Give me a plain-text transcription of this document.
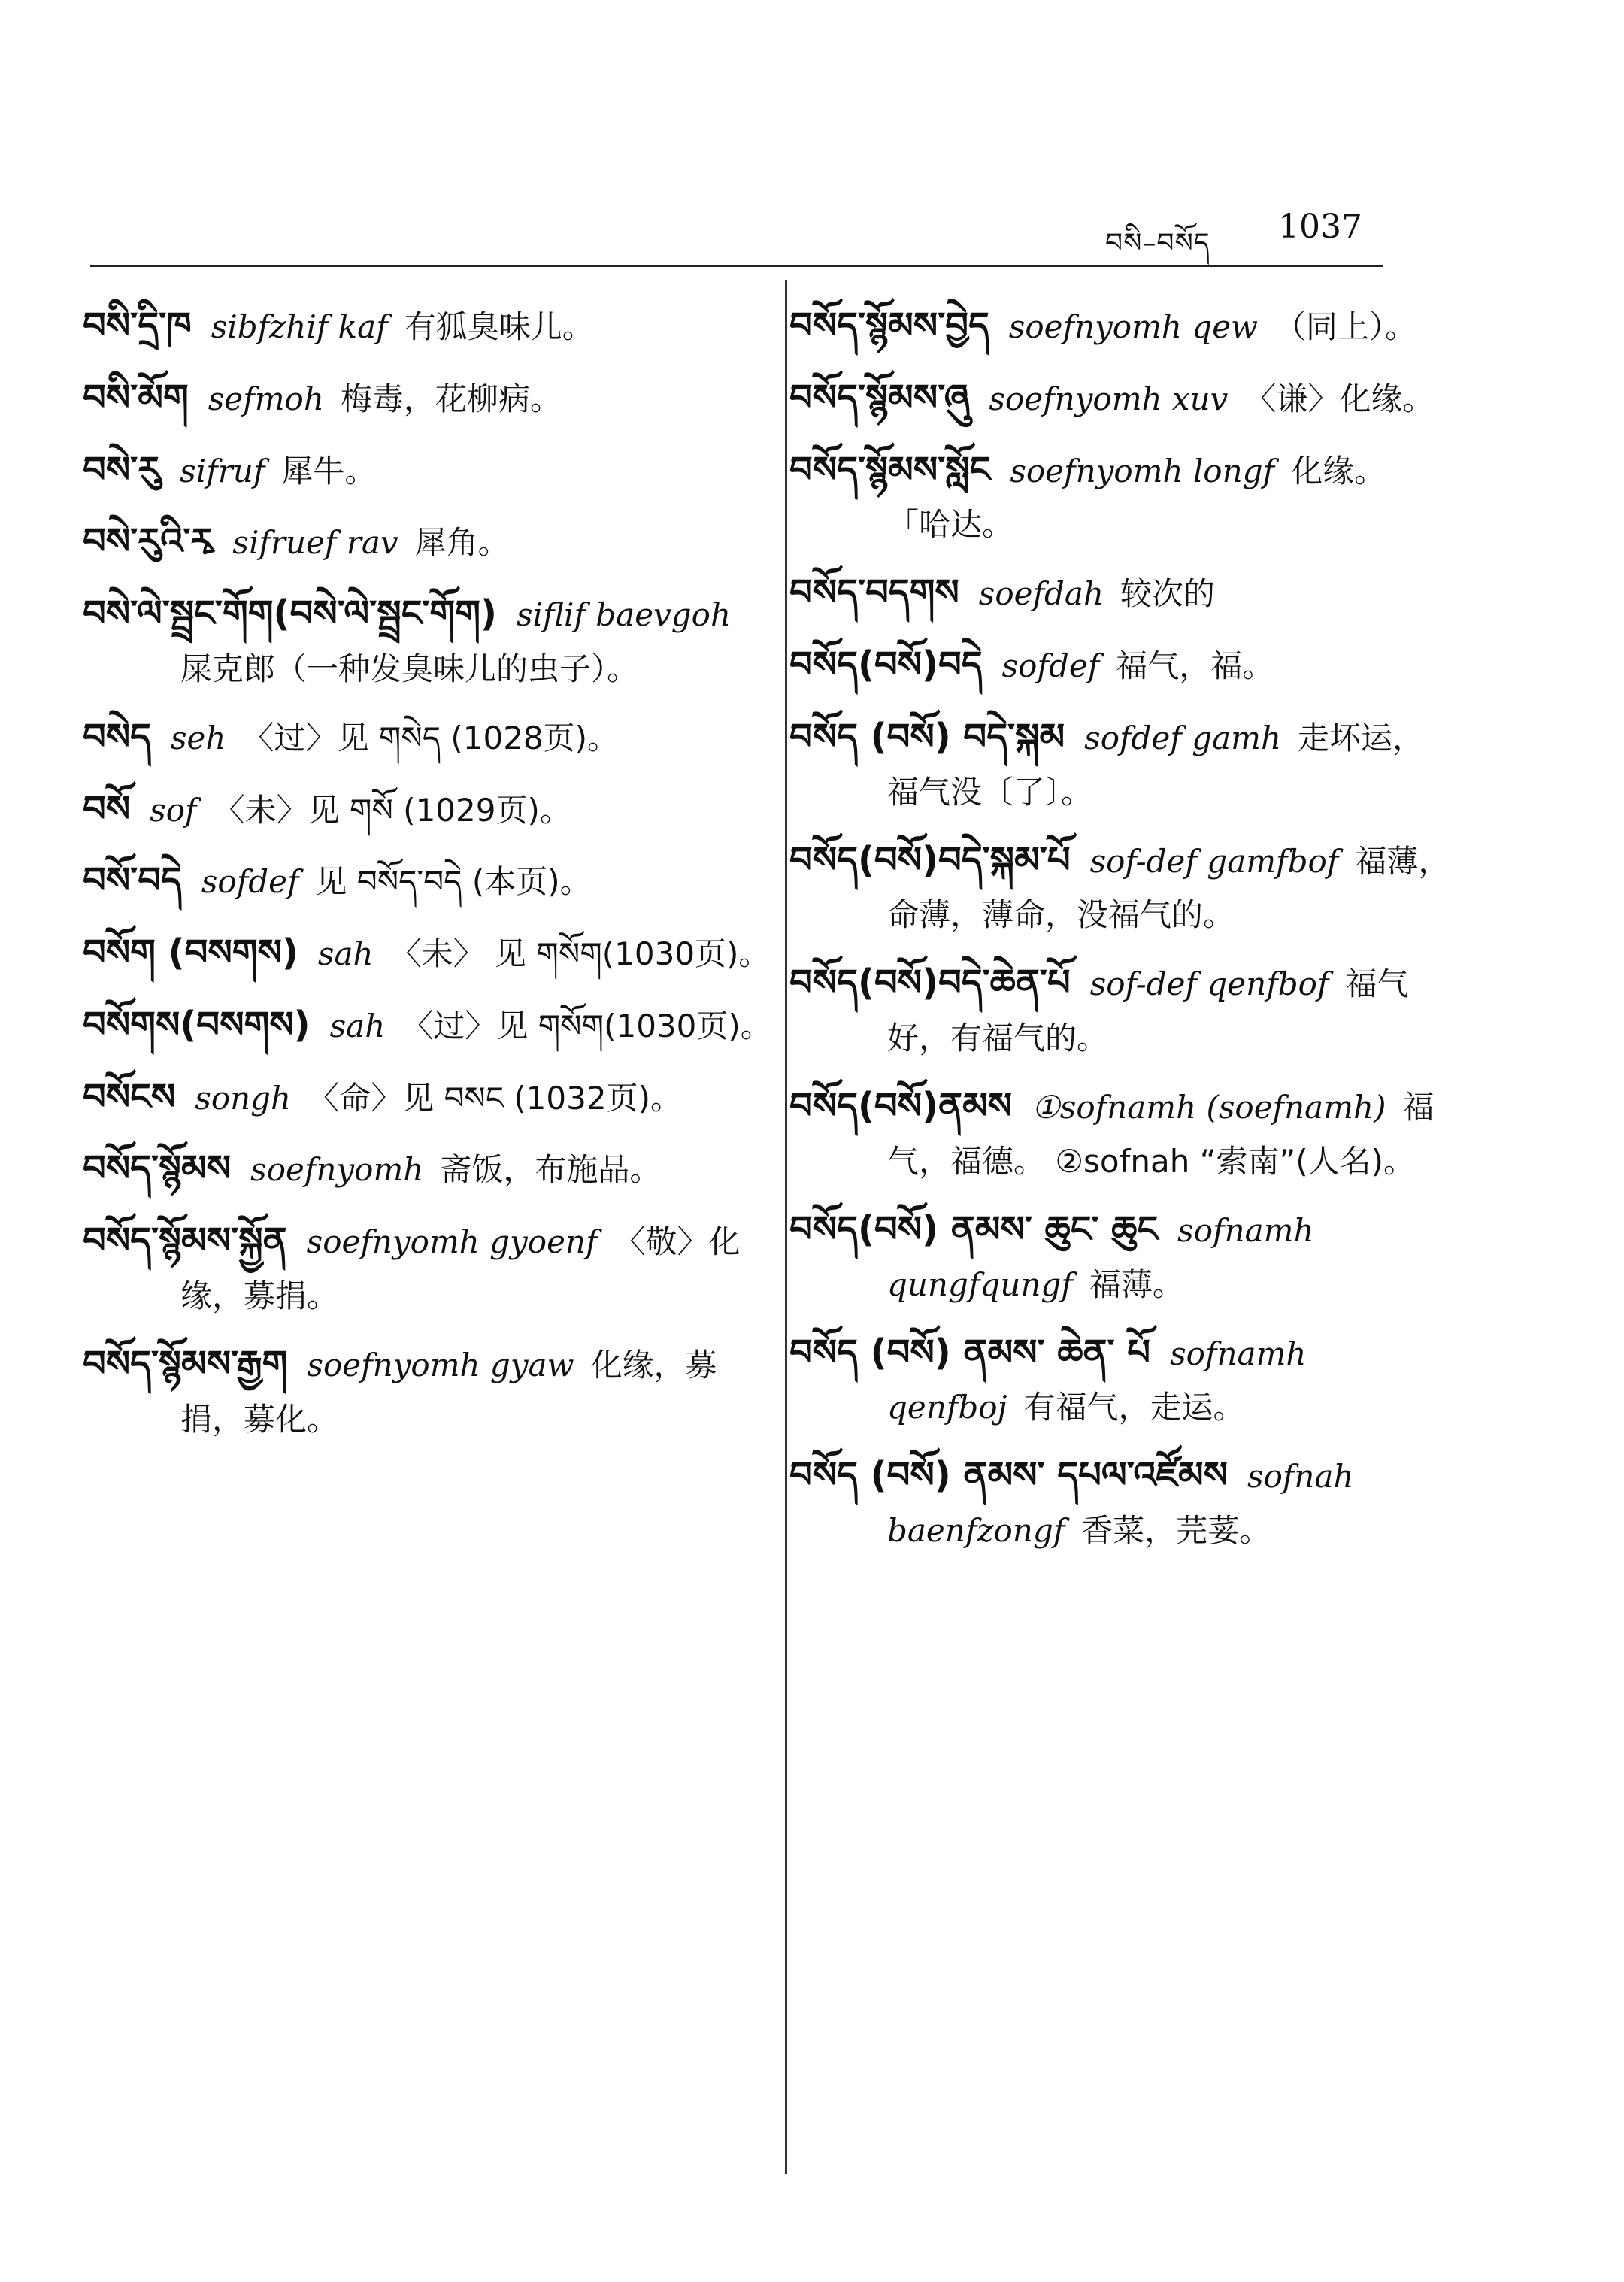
བསི–བསོད 1037
བསི་དྲི་ཁ sibfzhif kaf 有狐臭味儿。
བསི་མོག sefmoh 梅毒，花柳病。
བསེ་རུ sifruf 犀牛。
བསེ་རུའི་རྭ sifruef rav 犀角。
བསེ་ལེ་སྦྲང་གོག(བསེ་ལེ་སྦྲང་གོག) siflif baevgoh屎克郎（一种发臭味儿的虫子）。
བསེད seh 〈过〉见 གསེད (1028页)。
བསོ sof 〈未〉见 གསོ (1029页)。
བསོ་བདེ sofdef 见 བསོད་བདེ (本页)。
བསོག (བསགས) sah 〈未〉 见 གསོག(1030页)。
བསོགས(བསགས) sah 〈过〉见 གསོག(1030页)。
བསོངས songh 〈命〉见 བསང (1032页)。
བསོད་སྙོམས soefnyomh 斋饭，布施品。
བསོད་སྙོམས་སྐྱོན soefnyomh gyoenf 〈敬〉化缘，募捐。
བསོད་སྙོམས་རྒྱག soefnyomh gyaw 化缘，募捐，募化。
བསོད་སྙོམས་བྱེད soefnyomh qew （同上）。
བསོད་སྙོམས་ཞུ soefnyomh xuv 〈谦〉化缘。
བསོད་སྙོམས་སློང soefnyomh longf 化缘。 「哈达。
བསོད་བདགས soefdah 较次的
བསོད(བསོ)བདེ sofdef 福气，福。
བསོད (བསོ) བདེ་སྐམ sofdef gamh 走坏运，福气没〔了〕。
བསོད(བསོ)བདེ་སྐམ་པོ sof-def gamfbof 福薄，命薄，薄命，没福气的。
བསོད(བསོ)བདེ་ཆེན་པོ sof-def qenfbof 福气好，有福气的。
བསོད(བསོ)ནམས ①sofnamh (soefnamh) 福气，福德。 ②sofnah “索南”(人名)。
བསོད(བསོ) ནམས་ ཆུང་ ཆུང sofnamh qungfqungf 福薄。
བསོད (བསོ) ནམས་ ཆེན་ པོ sofnamh qenfboj 有福气，走运。
བསོད (བསོ) ནམས་ དཔལ་འཛོམས sofnah baenfzongf 香菜，芫荽。
